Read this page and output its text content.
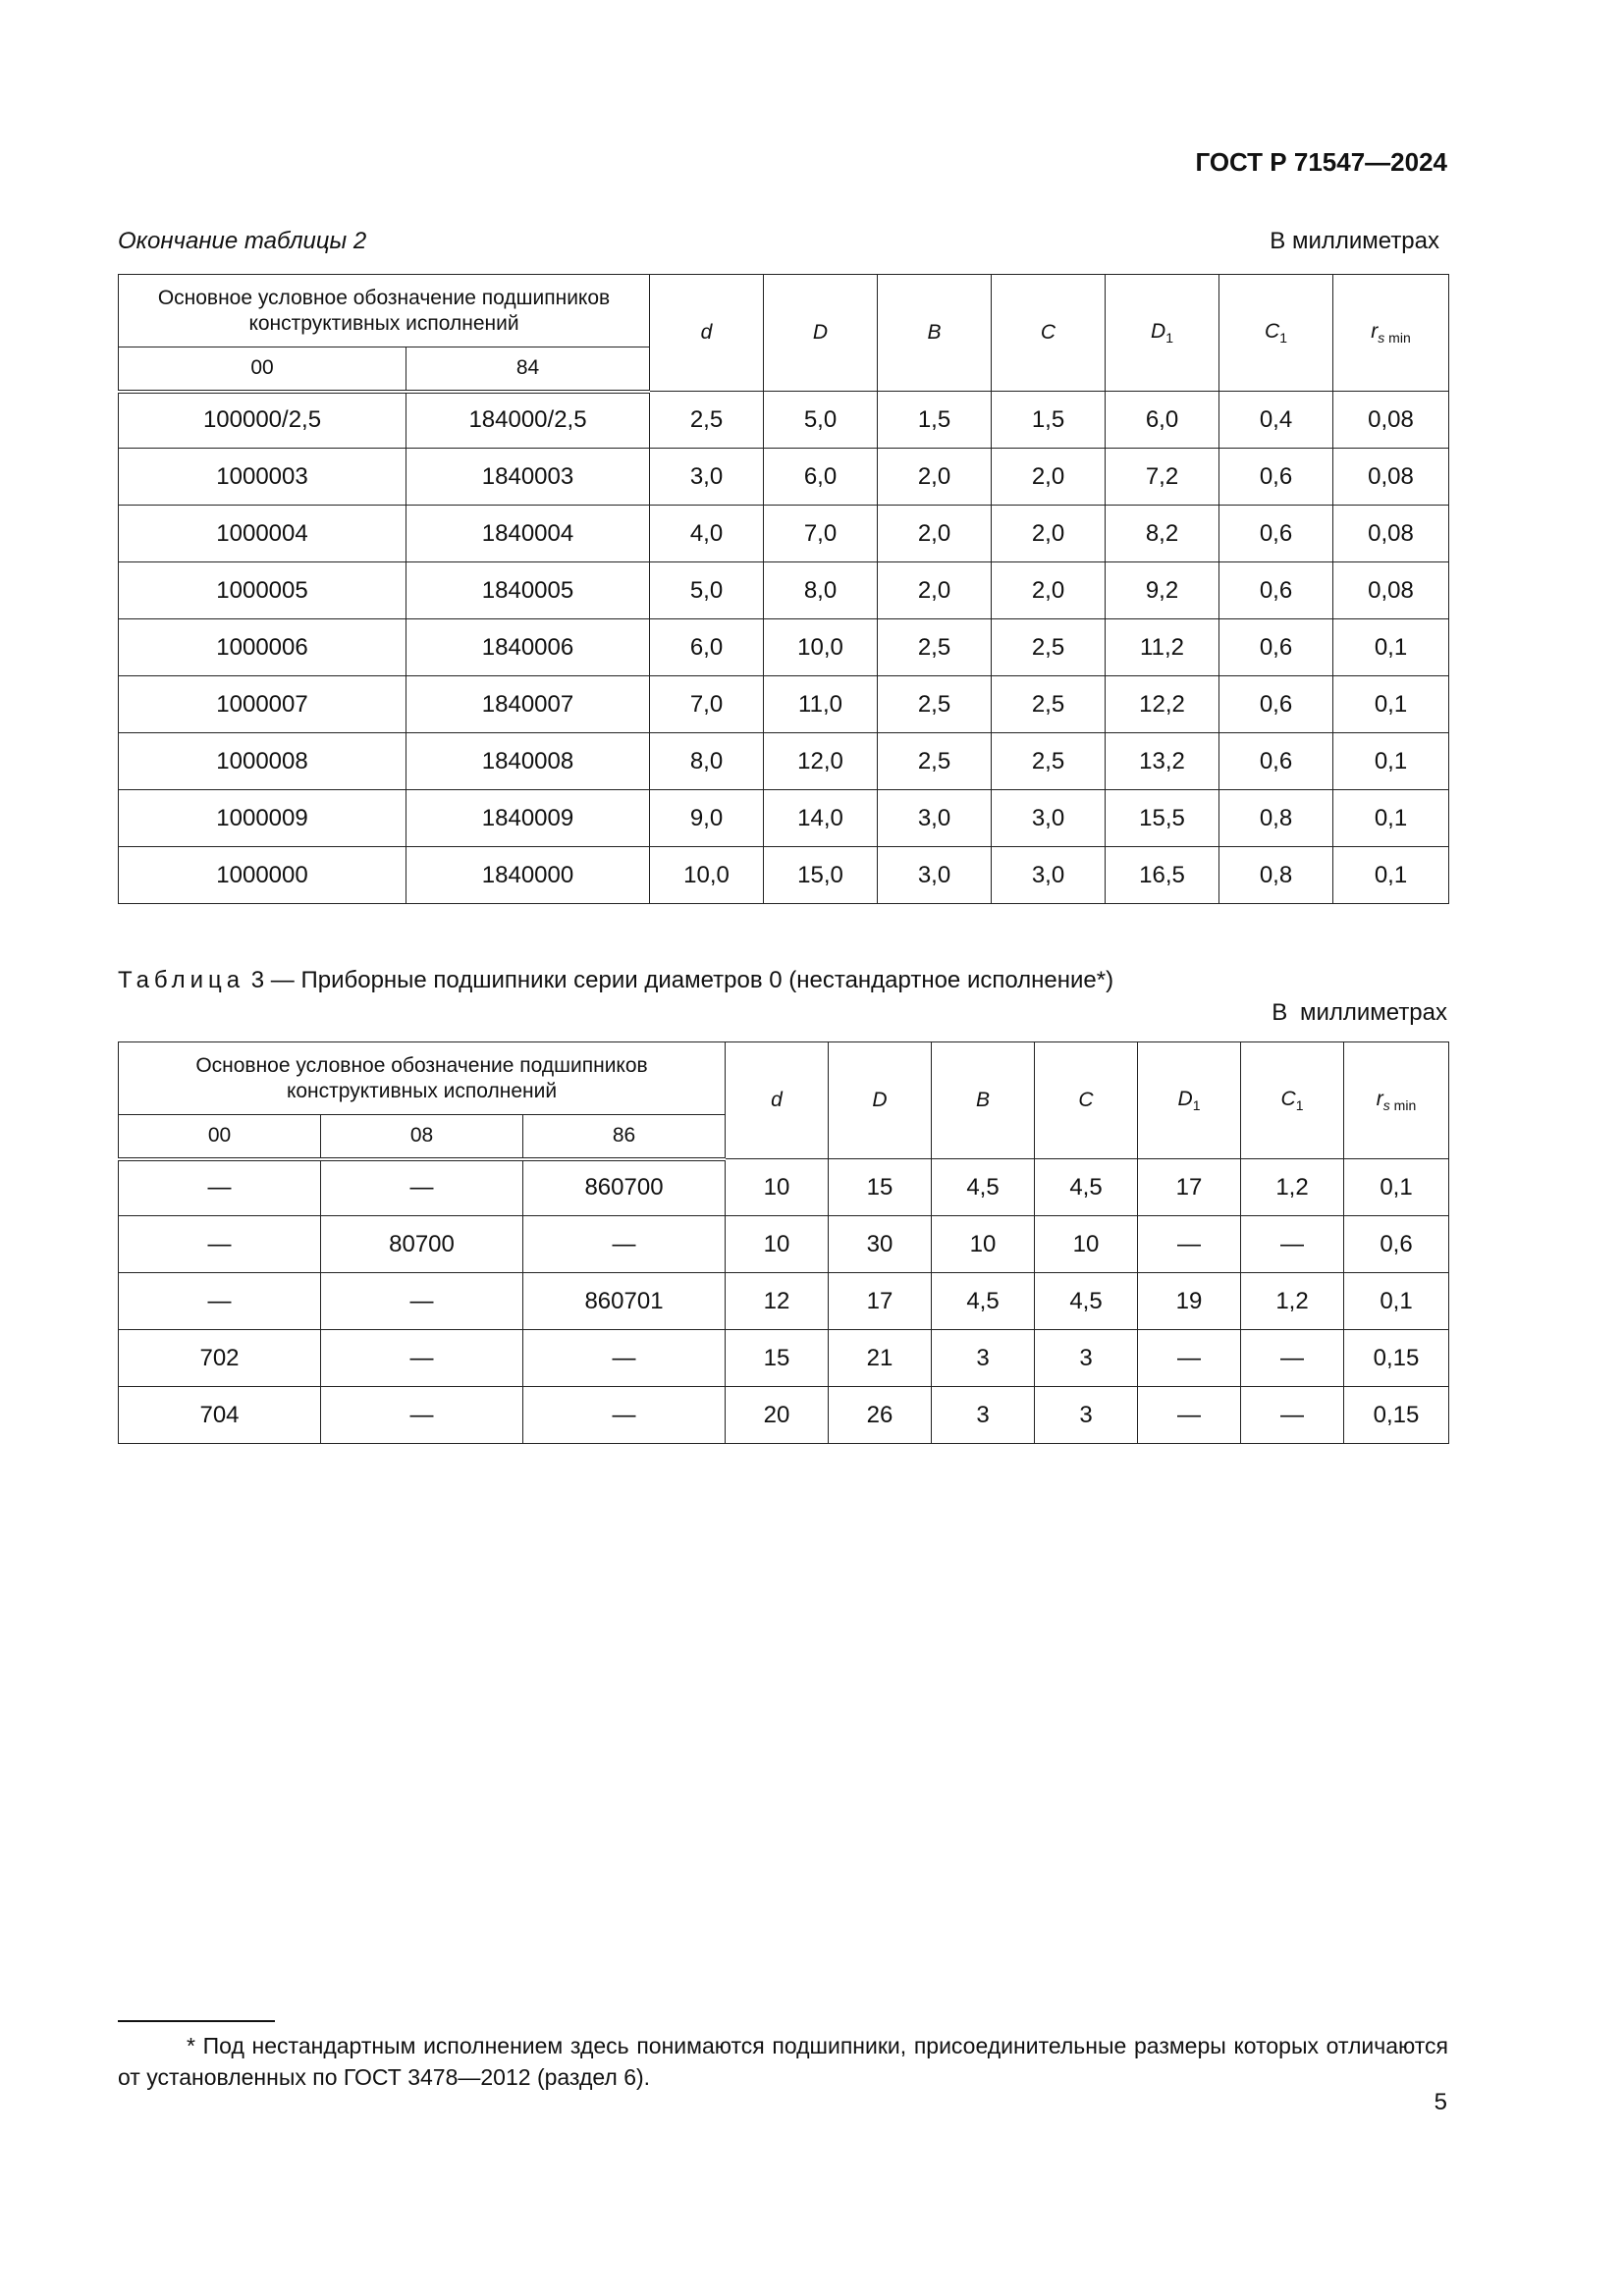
ГОСТ Р 71547—2024
Окончание таблицы 2	В миллиметрах
Основное условное обозначение подшипников конструктивных исполнений		d	D	B	C	$D_1$	$C_1$	$r_{s min}$
00	84							
100000/2,5	184000/2,5	2,5	5,0	1,5	1,5	6,0	0,4	0,08
1000003	1840003	3,0	6,0	2,0	2,0	7,2	0,6	0,08
1000004	1840004	4,0	7,0	2,0	2,0	8,2	0,6	0,08
1000005	1840005	5,0	8,0	2,0	2,0	9,2	0,6	0,08
1000006	1840006	6,0	10,0	2,5	2,5	11,2	0,6	0,1
1000007	1840007	7,0	11,0	2,5	2,5	12,2	0,6	0,1
1000008	1840008	8,0	12,0	2,5	2,5	13,2	0,6	0,1
1000009	1840009	9,0	14,0	3,0	3,0	15,5	0,8	0,1
1000000	1840000	10,0	15,0	3,0	3,0	16,5	0,8	0,1
Таблица 3 — Приборные подшипники серии диаметров 0 (нестандартное исполнение*)
В миллиметрах
Основное условное обозначение подшипников конструктивных исполнений			d	D	B	C	$D_1$	$C_1$	$r_{s min}$
00	08	86							
—	—	860700	10	15	4,5	4,5	17	1,2	0,1
—	80700	—	10	30	10	10	—	—	0,6
—	—	860701	12	17	4,5	4,5	19	1,2	0,1
702	—	—	15	21	3	3	—	—	0,15
704	—	—	20	26	3	3	—	—	0,15
* Под нестандартным исполнением здесь понимаются подшипники, присоединительные размеры которых отличаются от установленных по ГОСТ 3478—2012 (раздел 6).
5
